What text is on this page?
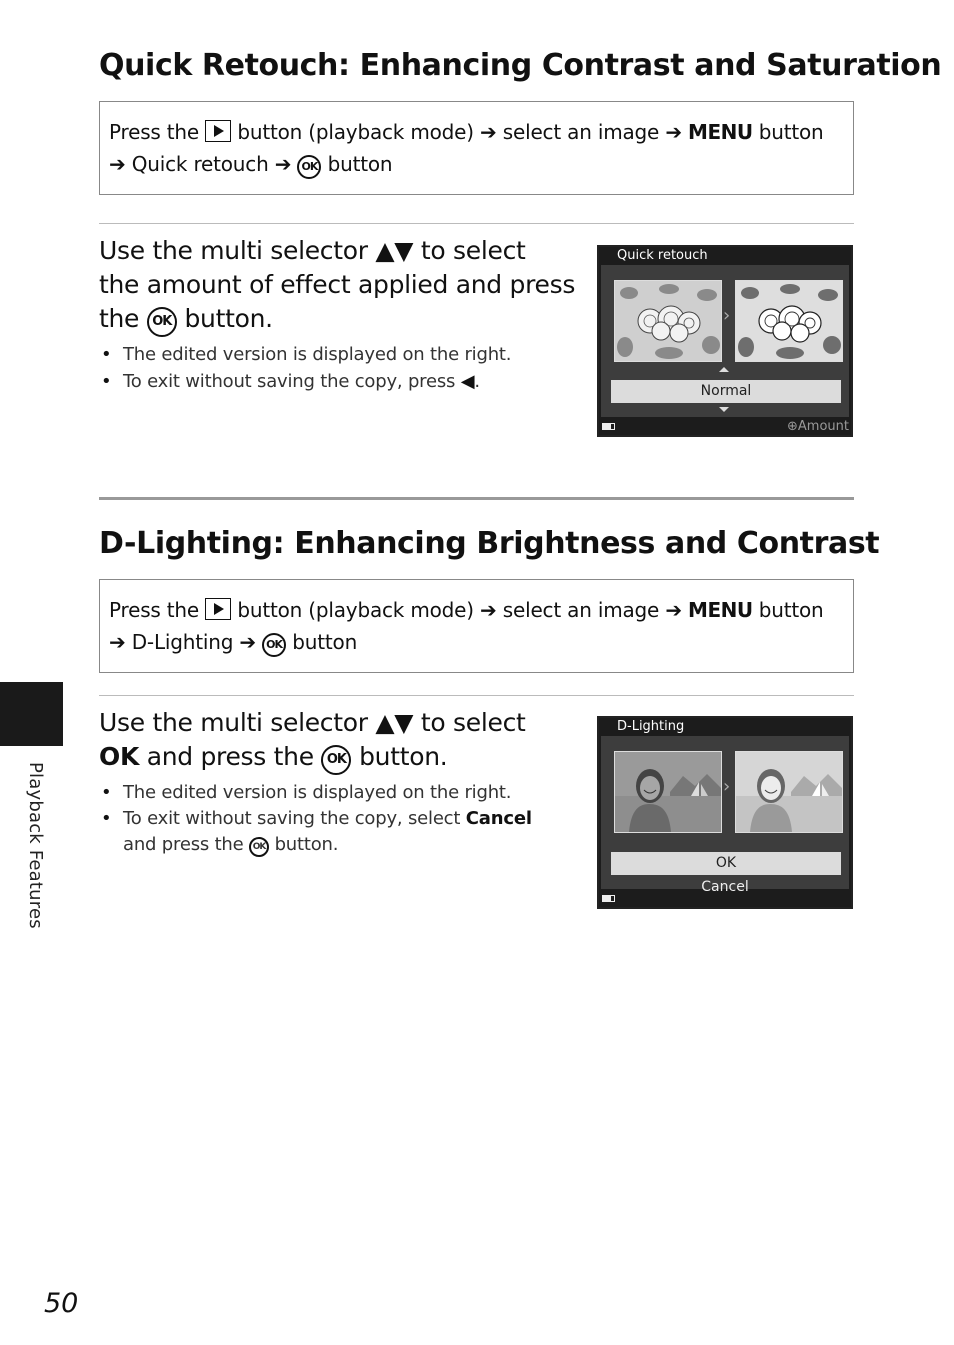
Quick Retouch: Enhancing Contrast and Saturation
Press the button (playback mode) ➔ select an image ➔ MENU button
➔ Quick retouch ➔ OK button
Use the multi selector ▲▼ to select
the amount of effect applied and press
the OK button.
• The edited version is displayed on the right.
• To exit without saving the copy, press ◀.
Quick retouch
›
Normal
⊕Amount
D-Lighting: Enhancing Brightness and Contrast
Press the button (playback mode) ➔ select an image ➔ MENU button
➔ D-Lighting ➔ OK button
Use the multi selector ▲▼ to select
OK and press the OK button.
• The edited version is displayed on the right.
• To exit without saving the copy, select Cancel
and press the OK button.
D-Lighting
›
OK
Cancel
Playback Features
50
